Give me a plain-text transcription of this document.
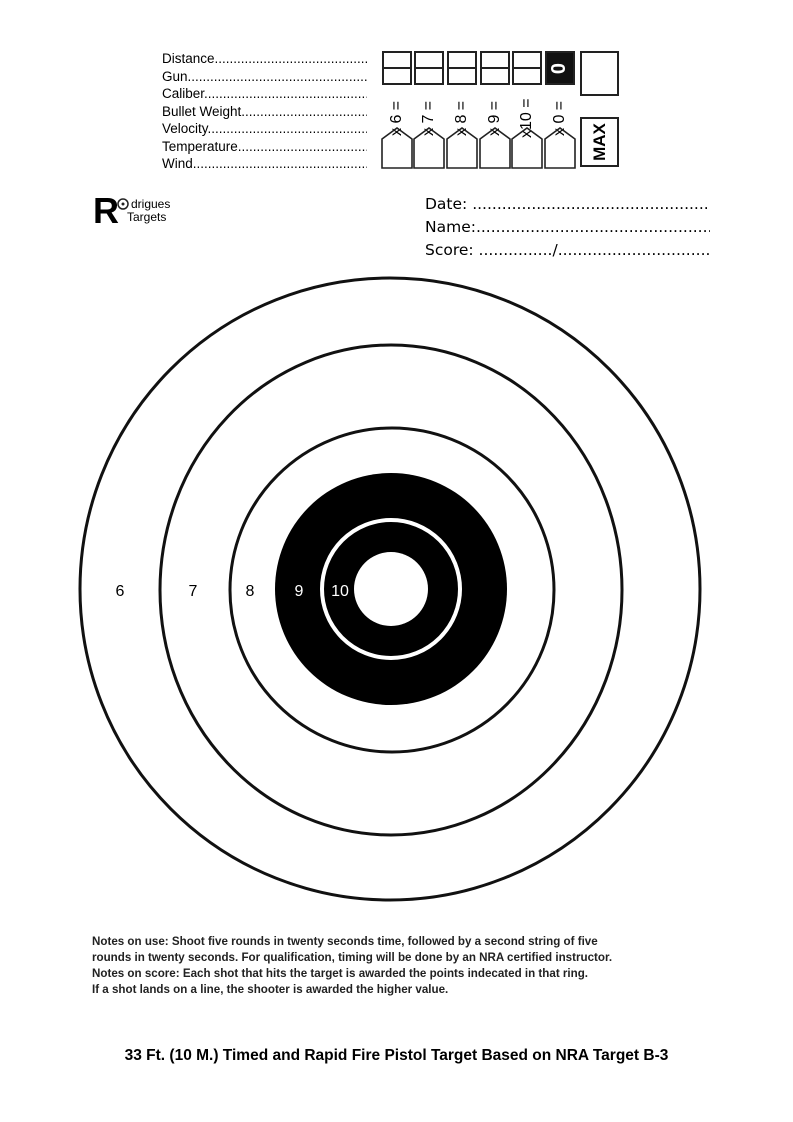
Distance .....
Gun .....
Caliber .....
Bullet Weight .....
Velocity .....
Temperature .....
Wind .....
0
x 6 = x 7 =	x 8 =	x 9 = x10 =	x 0 =
MAX
R drigues
Targets
Date: .....
Name: .....
Score: .............../ .....
6	7	8	9 10
Notes on use: Shoot five rounds in twenty seconds time, followed by a second string of five
rounds in twenty seconds. For qualification, timing will be done by an NRA certified instructor.
Notes on score: Each shot that hits the target is awarded the points indecated in that ring.
If a shot lands on a line, the shooter is awarded the higher value.
33 Ft. (10 M.) Timed and Rapid Fire Pistol Target Based on NRA Target B-3
